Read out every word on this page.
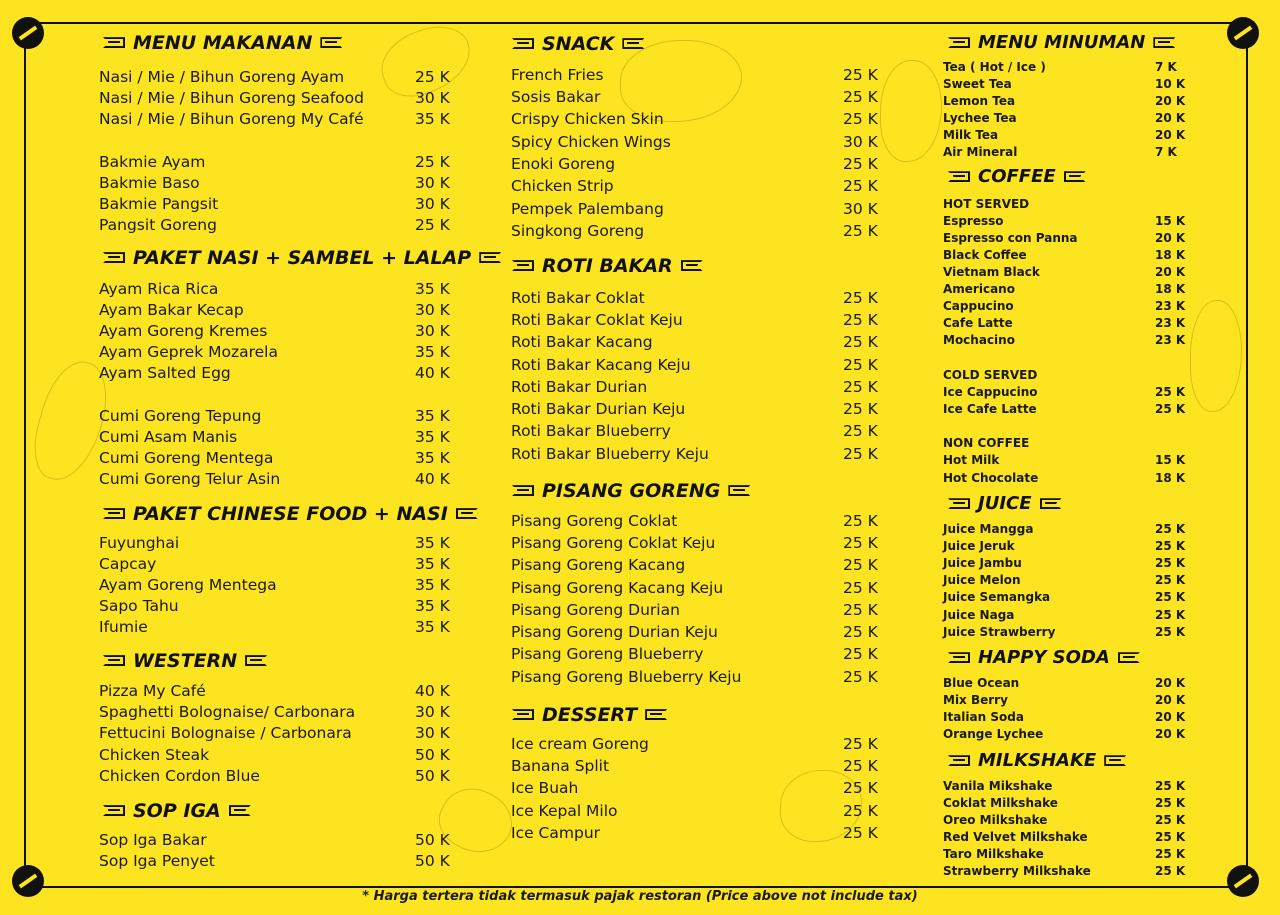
MENU MAKANAN
Nasi / Mie / Bihun Goreng Ayam	25 K
Nasi / Mie / Bihun Goreng Seafood	30 K
Nasi / Mie / Bihun Goreng My Café	35 K
Bakmie Ayam	25 K
Bakmie Baso	30 K
Bakmie Pangsit	30 K
Pangsit Goreng	25 K
PAKET NASI + SAMBEL + LALAP
Ayam Rica Rica	35 K
Ayam Bakar Kecap	30 K
Ayam Goreng Kremes	30 K
Ayam Geprek Mozarela	35 K
Ayam Salted Egg	40 K
Cumi Goreng Tepung	35 K
Cumi Asam Manis	35 K
Cumi Goreng Mentega	35 K
Cumi Goreng Telur Asin	40 K
PAKET CHINESE FOOD + NASI
Fuyunghai	35 K
Capcay	35 K
Ayam Goreng Mentega	35 K
Sapo Tahu	35 K
Ifumie	35 K
WESTERN
Pizza My Café	40 K
Spaghetti Bolognaise/ Carbonara	30 K
Fettucini Bolognaise / Carbonara	30 K
Chicken Steak	50 K
Chicken Cordon Blue	50 K
SOP IGA
Sop Iga Bakar	50 K
Sop Iga Penyet	50 K
SNACK
French Fries	25 K
Sosis Bakar	25 K
Crispy Chicken Skin	25 K
Spicy Chicken Wings	30 K
Enoki Goreng	25 K
Chicken Strip	25 K
Pempek Palembang	30 K
Singkong Goreng	25 K
ROTI BAKAR
Roti Bakar Coklat	25 K
Roti Bakar Coklat Keju	25 K
Roti Bakar Kacang	25 K
Roti Bakar Kacang Keju	25 K
Roti Bakar Durian	25 K
Roti Bakar Durian Keju	25 K
Roti Bakar Blueberry	25 K
Roti Bakar Blueberry Keju	25 K
PISANG GORENG
Pisang Goreng Coklat	25 K
Pisang Goreng Coklat Keju	25 K
Pisang Goreng Kacang	25 K
Pisang Goreng Kacang Keju	25 K
Pisang Goreng Durian	25 K
Pisang Goreng Durian Keju	25 K
Pisang Goreng Blueberry	25 K
Pisang Goreng Blueberry Keju	25 K
DESSERT
Ice cream Goreng	25 K
Banana Split	25 K
Ice Buah	25 K
Ice Kepal Milo	25 K
Ice Campur	25 K
MENU MINUMAN
Tea ( Hot / Ice )	7 K
Sweet Tea	10 K
Lemon Tea	20 K
Lychee Tea	20 K
Milk Tea	20 K
Air Mineral	7 K
COFFEE
HOT SERVED
Espresso	15 K
Espresso con Panna	20 K
Black Coffee	18 K
Vietnam Black	20 K
Americano	18 K
Cappucino	23 K
Cafe Latte	23 K
Mochacino	23 K
COLD SERVED
Ice Cappucino	25 K
Ice Cafe Latte	25 K
NON COFFEE
Hot Milk	15 K
Hot Chocolate	18 K
JUICE
Juice Mangga	25 K
Juice Jeruk	25 K
Juice Jambu	25 K
Juice Melon	25 K
Juice Semangka	25 K
Juice Naga	25 K
Juice Strawberry	25 K
HAPPY SODA
Blue Ocean	20 K
Mix Berry	20 K
Italian Soda	20 K
Orange Lychee	20 K
MILKSHAKE
Vanila Mikshake	25 K
Coklat Milkshake	25 K
Oreo Milkshake	25 K
Red Velvet Milkshake	25 K
Taro Milkshake	25 K
Strawberry Milkshake	25 K
* Harga tertera tidak termasuk pajak restoran (Price above not include tax)
